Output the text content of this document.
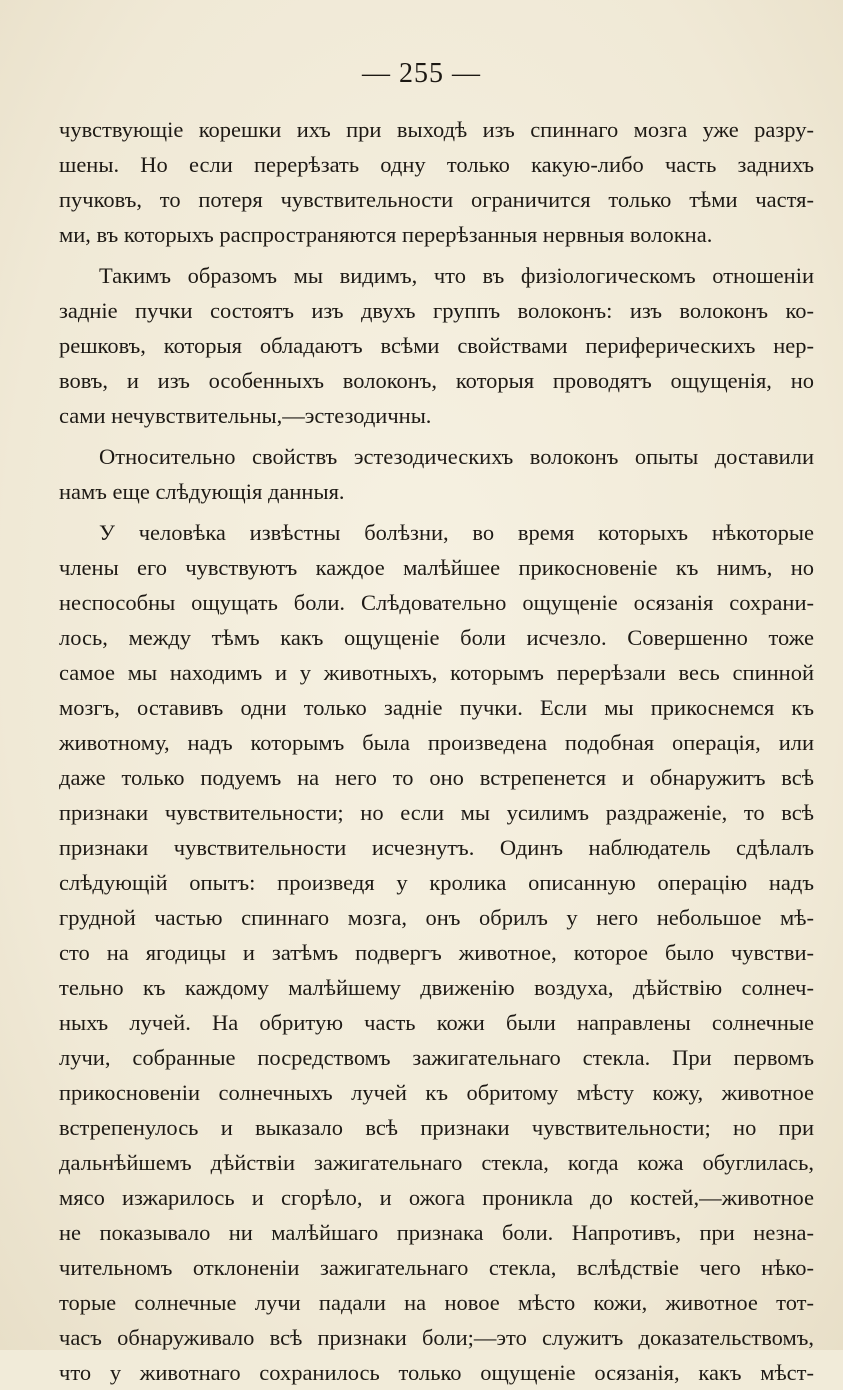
— 255 —
чувствующіе корешки ихъ при выходѣ изъ спиннаго мозга уже разру-
шены. Но если перерѣзать одну только какую-либо часть заднихъ
пучковъ, то потеря чувствительности ограничится только тѣми частя-
ми, въ которыхъ распространяются перерѣзанныя нервныя волокна.
Такимъ образомъ мы видимъ, что въ физіологическомъ отношеніи
задніе пучки состоятъ изъ двухъ группъ волоконъ: изъ волоконъ ко-
решковъ, которыя обладаютъ всѣми свойствами периферическихъ нер-
вовъ, и изъ особенныхъ волоконъ, которыя проводятъ ощущенія, но
сами нечувствительны,—эстезодичны.
Относительно свойствъ эстезодическихъ волоконъ опыты доставили
намъ еще слѣдующія данныя.
У человѣка извѣстны болѣзни, во время которыхъ нѣкоторые
члены его чувствуютъ каждое малѣйшее прикосновеніе къ нимъ, но
неспособны ощущать боли. Слѣдовательно ощущеніе осязанія сохрани-
лось, между тѣмъ какъ ощущеніе боли исчезло. Совершенно тоже
самое мы находимъ и у животныхъ, которымъ перерѣзали весь спинной
мозгъ, оставивъ одни только задніе пучки. Если мы прикоснемся къ
животному, надъ которымъ была произведена подобная операція, или
даже только подуемъ на него то оно встрепенется и обнаружитъ всѣ
признаки чувствительности; но если мы усилимъ раздраженіе, то всѣ
признаки чувствительности исчезнутъ. Одинъ наблюдатель сдѣлалъ
слѣдующій опытъ: произведя у кролика описанную операцію надъ
грудной частью спиннаго мозга, онъ обрилъ у него небольшое мѣ-
сто на ягодицы и затѣмъ подвергъ животное, которое было чувстви-
тельно къ каждому малѣйшему движенію воздуха, дѣйствію солнеч-
ныхъ лучей. На обритую часть кожи были направлены солнечные
лучи, собранные посредствомъ зажигательнаго стекла. При первомъ
прикосновеніи солнечныхъ лучей къ обритому мѣсту кожу, животное
встрепенулось и выказало всѣ признаки чувствительности; но при
дальнѣйшемъ дѣйствіи зажигательнаго стекла, когда кожа обуглилась,
мясо изжарилось и сгорѣло, и ожога проникла до костей,—животное
не показывало ни малѣйшаго признака боли. Напротивъ, при незна-
чительномъ отклоненіи зажигательнаго стекла, вслѣдствіе чего нѣко-
торые солнечные лучи падали на новое мѣсто кожи, животное тот-
часъ обнаруживало всѣ признаки боли;—это служитъ доказательствомъ,
что у животнаго сохранилось только ощущеніе осязанія, какъ мѣст-
